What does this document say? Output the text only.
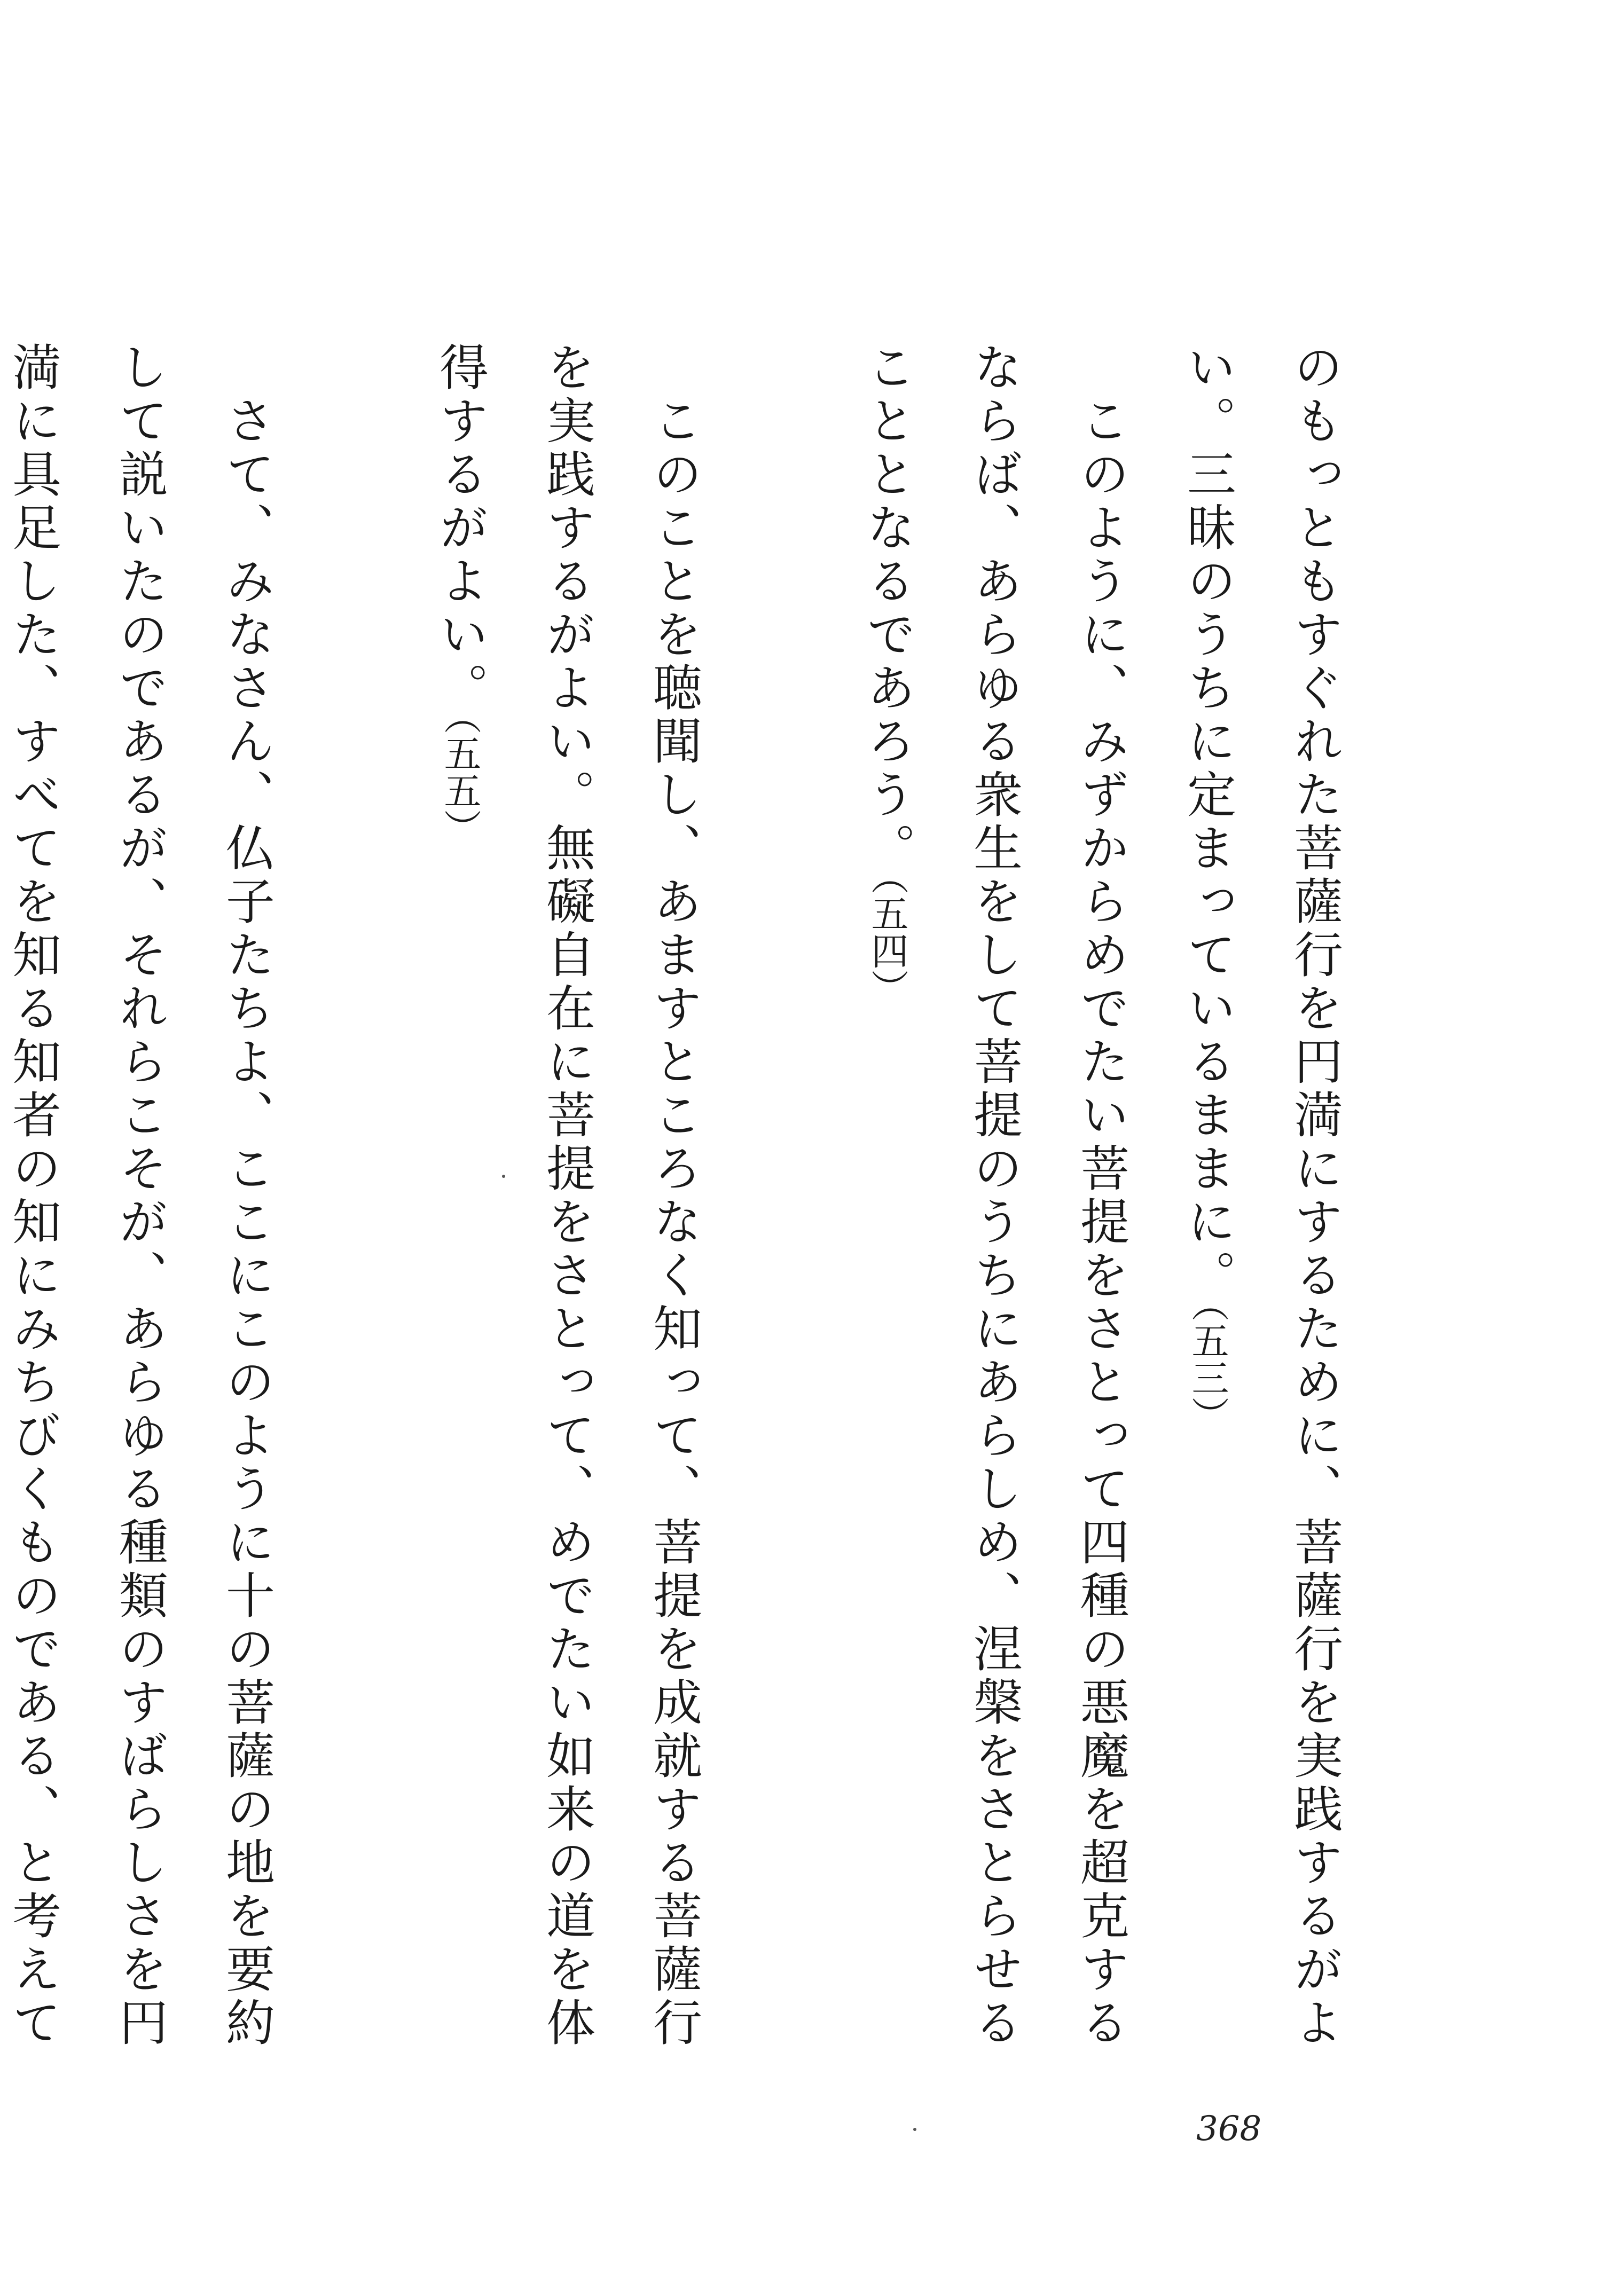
のもっともすぐれた菩薩行を円満にするために、菩薩行を実践するがよい。三昧のうちに定まっているままに。（五三）

このように、みずからめでたい菩提をさとって四種の悪魔を超克するならば、あらゆる衆生をして菩提のうちにあらしめ、涅槃をさとらせることとなるであろう。（五四）

このことを聴聞し、あますところなく知って、菩提を成就する菩薩行を実践するがよい。無礙自在に菩提をさとって、めでたい如来の道を体得するがよい。（五五）

さて、みなさん、仏子たちよ、ここにこのように十の菩薩の地を要約して説いたのであるが、それらこそが、あらゆる種類のすばらしさを円満に具足した、すべてを知る知者の知にみちびくものである、と考えて

368
